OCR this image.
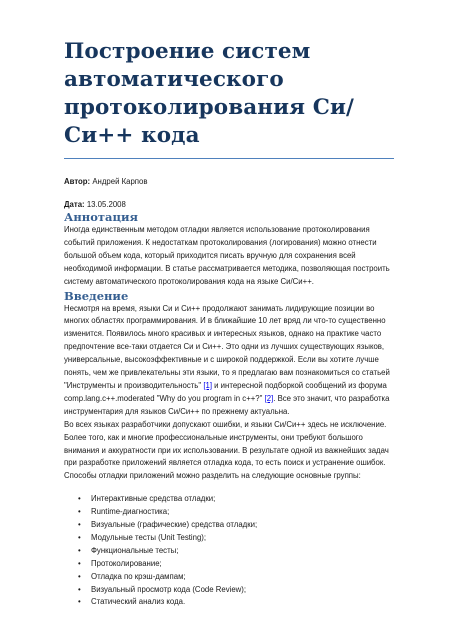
Построение систем автоматического протоколирования Си/Си++ кода

Автор: Андрей Карпов

Дата: 13.05.2008

Аннотация

Иногда единственным методом отладки является использование протоколирования событий приложения. К недостаткам протоколирования (логирования) можно отнести большой объем кода, который приходится писать вручную для сохранения всей необходимой информации. В статье рассматривается методика, позволяющая построить систему автоматического протоколирования кода на языке Си/Си++.

Введение

Несмотря на время, языки Си и Си++ продолжают занимать лидирующие позиции во многих областях программирования. И в ближайшие 10 лет вряд ли что-то существенно изменится. Появилось много красивых и интересных языков, однако на практике часто предпочтение все-таки отдается Си и Си++. Это одни из лучших существующих языков, универсальные, высокоэффективные и с широкой поддержкой. Если вы хотите лучше понять, чем же привлекательны эти языки, то я предлагаю вам познакомиться со статьей "Инструменты и производительность" [1] и интересной подборкой сообщений из форума comp.lang.c++.moderated "Why do you program in c++?" [2]. Все это значит, что разработка инструментария для языков Си/Си++ по прежнему актуальна.

Во всех языках разработчики допускают ошибки, и языки Си/Си++ здесь не исключение. Более того, как и многие профессиональные инструменты, они требуют большого внимания и аккуратности при их использовании. В результате одной из важнейших задач при разработке приложений является отладка кода, то есть поиск и устранение ошибок.

Способы отладки приложений можно разделить на следующие основные группы:

• Интерактивные средства отладки;
• Runtime-диагностика;
• Визуальные (графические) средства отладки;
• Модульные тесты (Unit Testing);
• Функциональные тесты;
• Протоколирование;
• Отладка по крэш-дампам;
• Визуальный просмотр кода (Code Review);
• Статический анализ кода.
